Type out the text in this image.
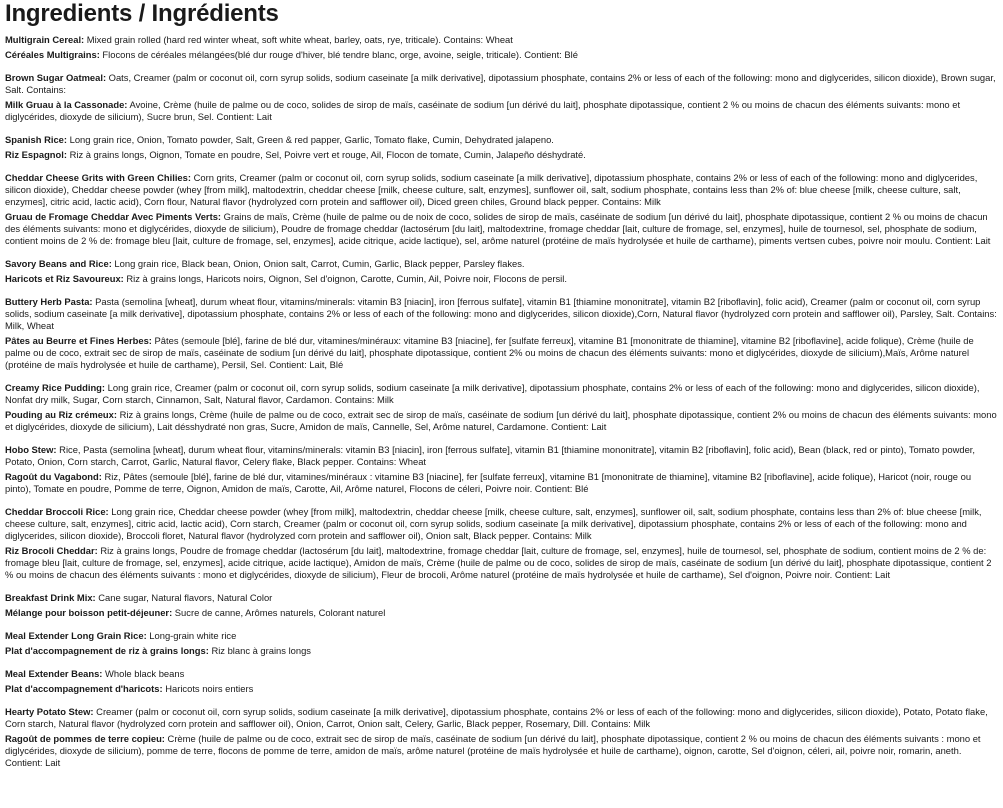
Ingredients / Ingrédients

Multigrain Cereal: Mixed grain rolled (hard red winter wheat, soft white wheat, barley, oats, rye, triticale). Contains: Wheat

Céréales Multigrains: Flocons de céréales mélangées(blé dur rouge d'hiver, blé tendre blanc, orge, avoine, seigle, triticale). Contient: Blé

Brown Sugar Oatmeal: Oats, Creamer (palm or coconut oil, corn syrup solids, sodium caseinate [a milk derivative], dipotassium phosphate, contains 2% or less of each of the following: mono and diglycerides, silicon dioxide), Brown sugar, Salt. Contains:

Milk Gruau à la Cassonade: Avoine, Crème (huile de palme ou de coco, solides de sirop de maïs, caséinate de sodium [un dérivé du lait], phosphate dipotassique, contient 2 % ou moins de chacun des éléments suivants: mono et diglycérides, dioxyde de silicium), Sucre brun, Sel. Contient: Lait

Spanish Rice: Long grain rice, Onion, Tomato powder, Salt, Green & red papper, Garlic, Tomato flake, Cumin, Dehydrated jalapeno.

Riz Espagnol: Riz à grains longs, Oignon, Tomate en poudre, Sel, Poivre vert et rouge, Ail, Flocon de tomate, Cumin, Jalapeño déshydraté.

Cheddar Cheese Grits with Green Chilies: Corn grits, Creamer (palm or coconut oil, corn syrup solids, sodium caseinate [a milk derivative], dipotassium phosphate, contains 2% or less of each of the following: mono and diglycerides, silicon dioxide), Cheddar cheese powder (whey [from milk], maltodextrin, cheddar cheese [milk, cheese culture, salt, enzymes], sunflower oil, salt, sodium phosphate, contains less than 2% of: blue cheese [milk, cheese culture, salt, enzymes], citric acid, lactic acid), Corn flour, Natural flavor (hydrolyzed corn protein and safflower oil), Diced green chiles, Ground black pepper. Contains: Milk

Gruau de Fromage Cheddar Avec Piments Verts: Grains de maïs, Crème (huile de palme ou de noix de coco, solides de sirop de maïs, caséinate de sodium [un dérivé du lait], phosphate dipotassique, contient 2 % ou moins de chacun des éléments suivants: mono et diglycérides, dioxyde de silicium), Poudre de fromage cheddar (lactosérum [du lait], maltodextrine, fromage cheddar [lait, culture de fromage, sel, enzymes], huile de tournesol, sel, phosphate de sodium, contient moins de 2 % de: fromage bleu [lait, culture de fromage, sel, enzymes], acide citrique, acide lactique), sel, arôme naturel (protéine de maïs hydrolysée et huile de carthame), piments vertsen cubes, poivre noir moulu. Contient: Lait

Savory Beans and Rice: Long grain rice, Black bean, Onion, Onion salt, Carrot, Cumin, Garlic, Black pepper, Parsley flakes.

Haricots et Riz Savoureux: Riz à grains longs, Haricots noirs, Oignon, Sel d'oignon, Carotte, Cumin, Ail, Poivre noir, Flocons de persil.

Buttery Herb Pasta: Pasta (semolina [wheat], durum wheat flour, vitamins/minerals: vitamin B3 [niacin], iron [ferrous sulfate], vitamin B1 [thiamine mononitrate], vitamin B2 [riboflavin], folic acid), Creamer (palm or coconut oil, corn syrup solids, sodium caseinate [a milk derivative], dipotassium phosphate, contains 2% or less of each of the following: mono and diglycerides, silicon dioxide),Corn, Natural flavor (hydrolyzed corn protein and safflower oil), Parsley, Salt. Contains: Milk, Wheat

Pâtes au Beurre et Fines Herbes: Pâtes (semoule [blé], farine de blé dur, vitamines/minéraux: vitamine B3 [niacine], fer [sulfate ferreux], vitamine B1 [mononitrate de thiamine], vitamine B2 [riboflavine], acide folique), Crème (huile de palme ou de coco, extrait sec de sirop de maïs, caséinate de sodium [un dérivé du lait], phosphate dipotassique, contient 2% ou moins de chacun des éléments suivants: mono et diglycérides, dioxyde de silicium),Maïs, Arôme naturel (protéine de maïs hydrolysée et huile de carthame), Persil, Sel. Contient: Lait, Blé

Creamy Rice Pudding: Long grain rice, Creamer (palm or coconut oil, corn syrup solids, sodium caseinate [a milk derivative], dipotassium phosphate, contains 2% or less of each of the following: mono and diglycerides, silicon dioxide), Nonfat dry milk, Sugar, Corn starch, Cinnamon, Salt, Natural flavor, Cardamon. Contains: Milk

Pouding au Riz crémeux: Riz à grains longs, Crème (huile de palme ou de coco, extrait sec de sirop de maïs, caséinate de sodium [un dérivé du lait], phosphate dipotassique, contient 2% ou moins de chacun des éléments suivants: mono et diglycérides, dioxyde de silicium), Lait désshydraté non gras, Sucre, Amidon de maïs, Cannelle, Sel, Arôme naturel, Cardamone. Contient: Lait

Hobo Stew: Rice, Pasta (semolina [wheat], durum wheat flour, vitamins/minerals: vitamin B3 [niacin], iron [ferrous sulfate], vitamin B1 [thiamine mononitrate], vitamin B2 [riboflavin], folic acid), Bean (black, red or pinto), Tomato powder, Potato, Onion, Corn starch, Carrot, Garlic, Natural flavor, Celery flake, Black pepper. Contains: Wheat

Ragoût du Vagabond: Riz, Pâtes (semoule [blé], farine de blé dur, vitamines/minéraux : vitamine B3 [niacine], fer [sulfate ferreux], vitamine B1 [mononitrate de thiamine], vitamine B2 [riboflavine], acide folique), Haricot (noir, rouge ou pinto), Tomate en poudre, Pomme de terre, Oignon, Amidon de maïs, Carotte, Ail, Arôme naturel, Flocons de céleri, Poivre noir. Contient: Blé

Cheddar Broccoli Rice: Long grain rice, Cheddar cheese powder (whey [from milk], maltodextrin, cheddar cheese [milk, cheese culture, salt, enzymes], sunflower oil, salt, sodium phosphate, contains less than 2% of: blue cheese [milk, cheese culture, salt, enzymes], citric acid, lactic acid), Corn starch, Creamer (palm or coconut oil, corn syrup solids, sodium caseinate [a milk derivative], dipotassium phosphate, contains 2% or less of each of the following: mono and diglycerides, silicon dioxide), Broccoli floret, Natural flavor (hydrolyzed corn protein and safflower oil), Onion salt, Black pepper. Contains: Milk

Riz Brocoli Cheddar: Riz à grains longs, Poudre de fromage cheddar (lactosérum [du lait], maltodextrine, fromage cheddar [lait, culture de fromage, sel, enzymes], huile de tournesol, sel, phosphate de sodium, contient moins de 2 % de: fromage bleu [lait, culture de fromage, sel, enzymes], acide citrique, acide lactique), Amidon de maïs, Crème (huile de palme ou de coco, solides de sirop de maïs, caséinate de sodium [un dérivé du lait], phosphate dipotassique, contient 2 % ou moins de chacun des éléments suivants : mono et diglycérides, dioxyde de silicium), Fleur de brocoli, Arôme naturel (protéine de maïs hydrolysée et huile de carthame), Sel d'oignon, Poivre noir. Contient: Lait

Breakfast Drink Mix: Cane sugar, Natural flavors, Natural Color

Mélange pour boisson petit-déjeuner: Sucre de canne, Arômes naturels, Colorant naturel

Meal Extender Long Grain Rice: Long-grain white rice

Plat d'accompagnement de riz à grains longs: Riz blanc à grains longs

Meal Extender Beans: Whole black beans

Plat d'accompagnement d'haricots: Haricots noirs entiers

Hearty Potato Stew: Creamer (palm or coconut oil, corn syrup solids, sodium caseinate [a milk derivative], dipotassium phosphate, contains 2% or less of each of the following: mono and diglycerides, silicon dioxide), Potato, Potato flake, Corn starch, Natural flavor (hydrolyzed corn protein and safflower oil), Onion, Carrot, Onion salt, Celery, Garlic, Black pepper, Rosemary, Dill. Contains: Milk

Ragoût de pommes de terre copieu: Crème (huile de palme ou de coco, extrait sec de sirop de maïs, caséinate de sodium [un dérivé du lait], phosphate dipotassique, contient 2 % ou moins de chacun des éléments suivants : mono et diglycérides, dioxyde de silicium), pomme de terre, flocons de pomme de terre, amidon de maïs, arôme naturel (protéine de maïs hydrolysée et huile de carthame), oignon, carotte, Sel d'oignon, céleri, ail, poivre noir, romarin, aneth. Contient: Lait
